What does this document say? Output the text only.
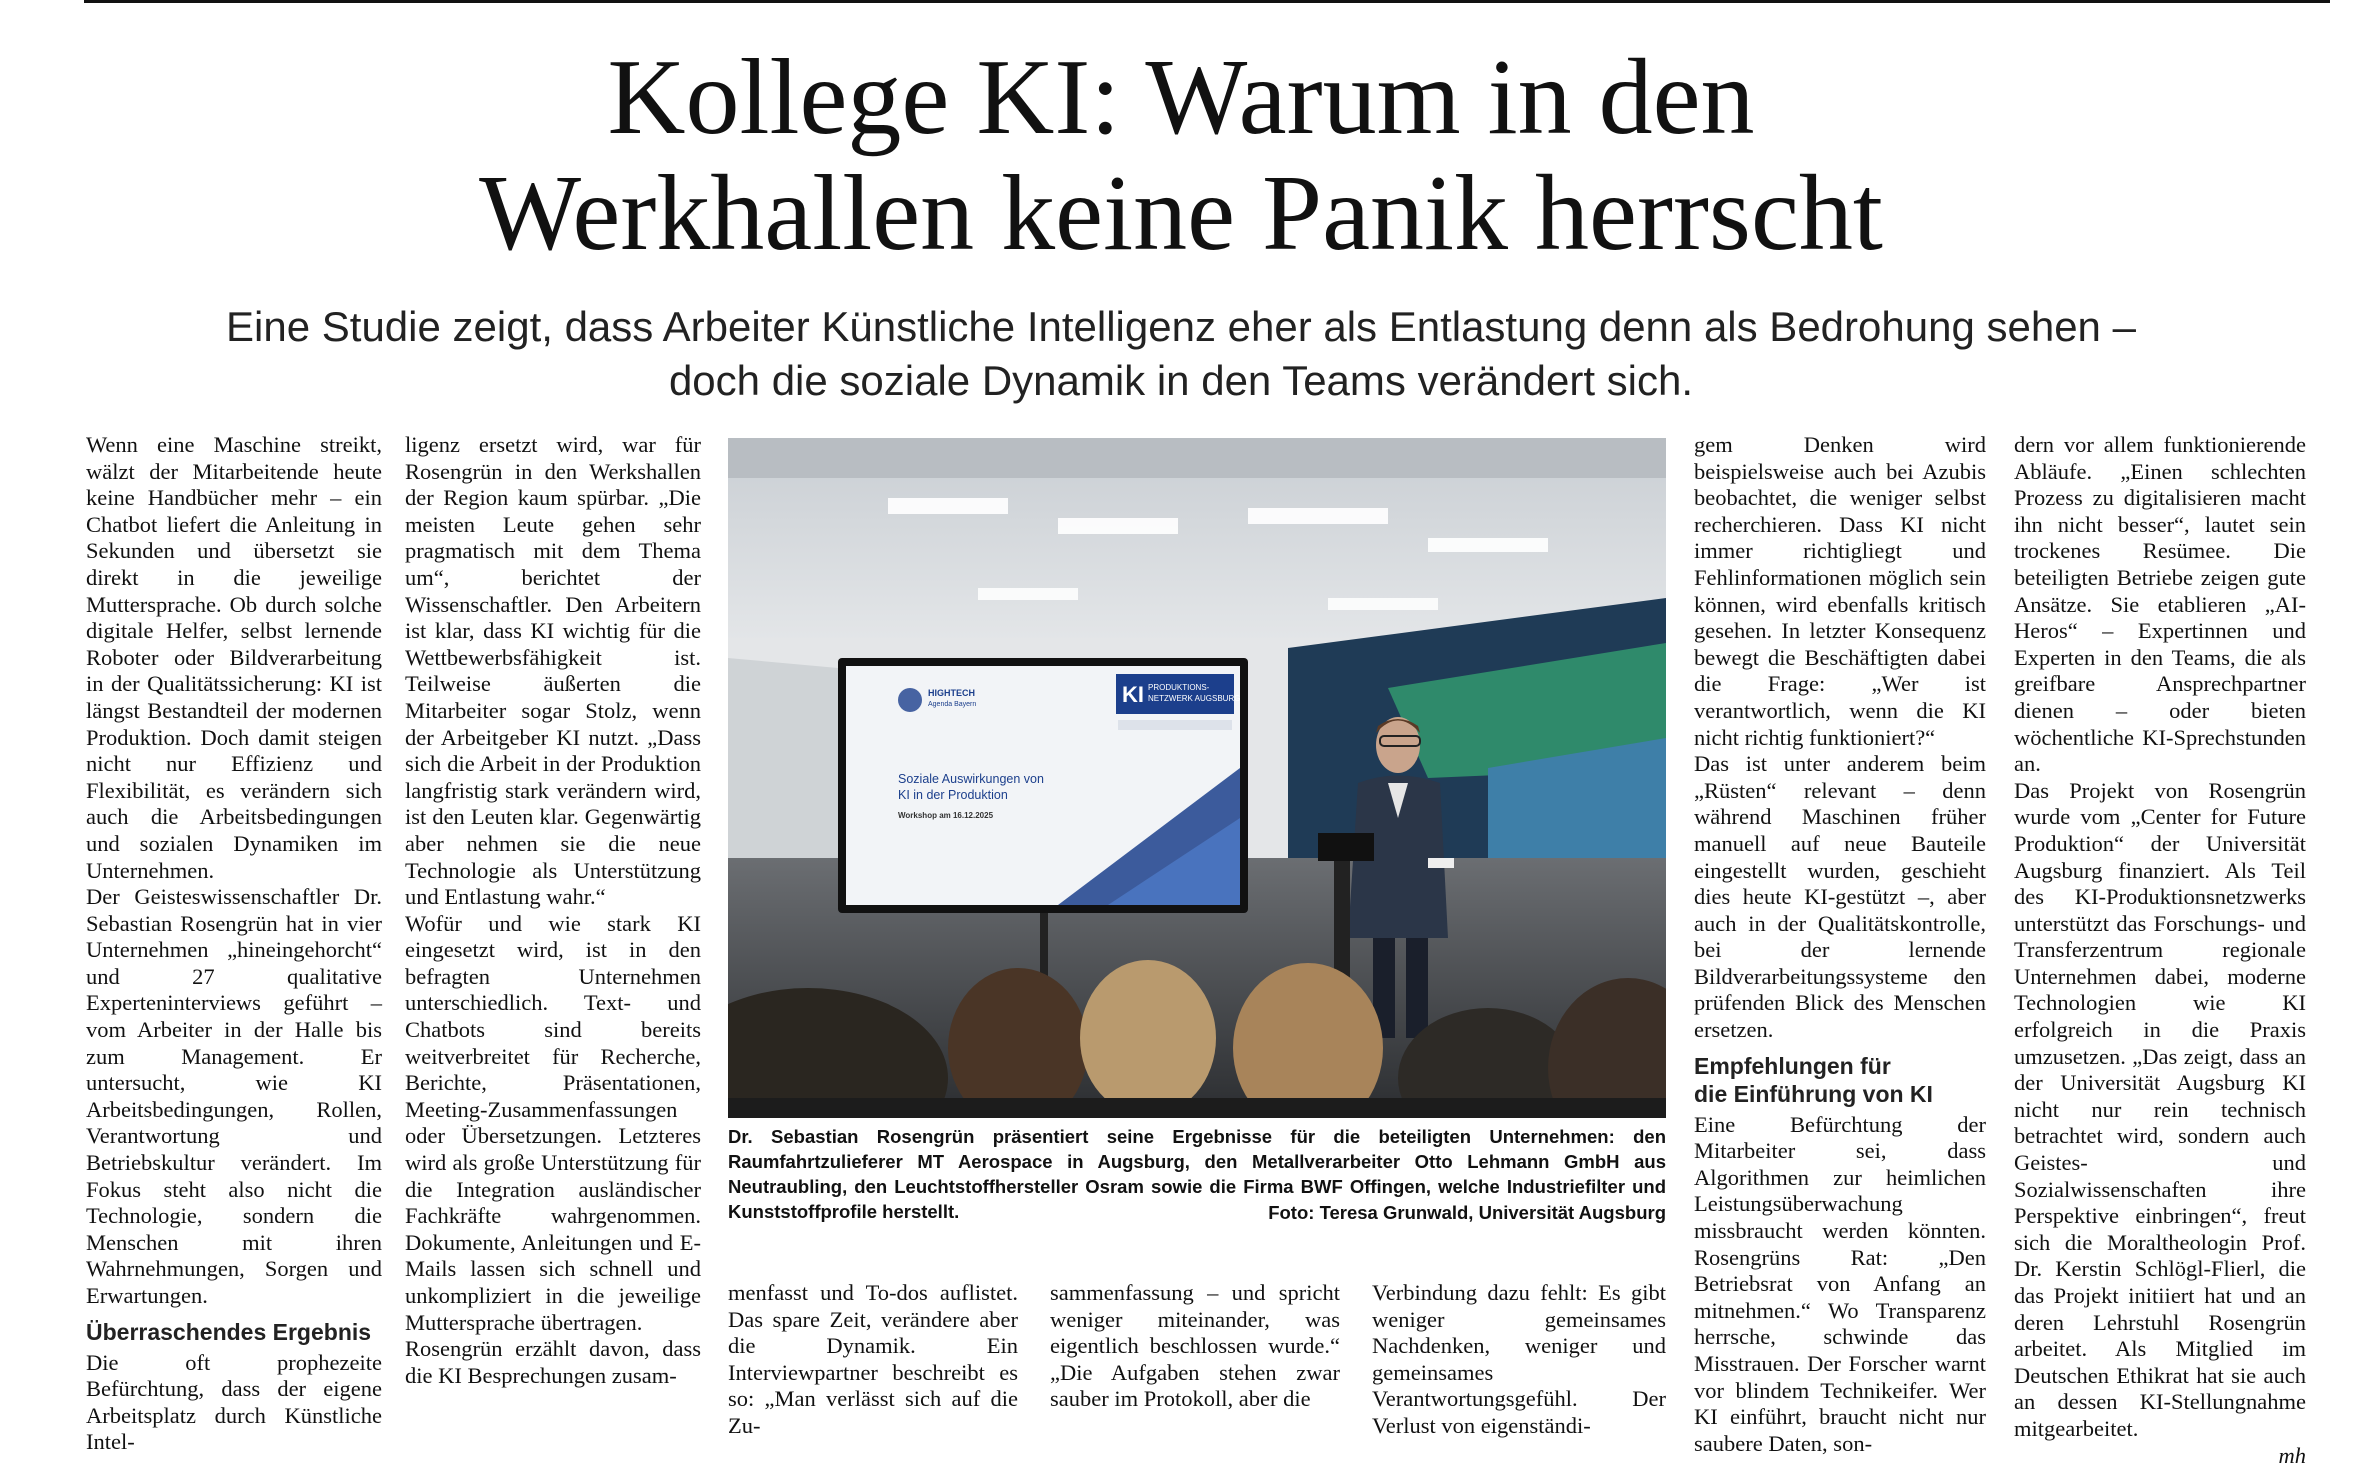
Kollege KI: Warum in den
Werkhallen keine Panik herrscht
Eine Studie zeigt, dass Arbeiter Künstliche Intelligenz eher als Entlastung denn als Bedrohung sehen –
doch die soziale Dynamik in den Teams verändert sich.

Wenn eine Maschine streikt, wälzt der Mitarbeitende heute keine Handbücher mehr – ein Chatbot liefert die Anleitung in Sekunden und übersetzt sie direkt in die jeweilige Muttersprache. Ob durch solche digitale Helfer, selbst lernende Roboter oder Bildverarbeitung in der Qualitätssicherung: KI ist längst Bestandteil der modernen Produktion. Doch damit steigen nicht nur Effizienz und Flexibilität, es verändern sich auch die Arbeitsbedingungen und sozialen Dynamiken im Unternehmen.

Der Geisteswissenschaftler Dr. Sebastian Rosengrün hat in vier Unternehmen „hineingehorcht“ und 27 qualitative Experteninterviews geführt – vom Arbeiter in der Halle bis zum Management. Er untersucht, wie KI Arbeitsbedingungen, Rollen, Verantwortung und Betriebskultur verändert. Im Fokus steht also nicht die Technologie, sondern die Menschen mit ihren Wahrnehmungen, Sorgen und Erwartungen.

Überraschendes Ergebnis

Die oft prophezeite Befürchtung, dass der eigene Arbeitsplatz durch Künstliche Intel-

ligenz ersetzt wird, war für Rosengrün in den Werkshallen der Region kaum spürbar. „Die meisten Leute gehen sehr pragmatisch mit dem Thema um“, berichtet der Wissenschaftler. Den Arbeitern ist klar, dass KI wichtig für die Wettbewerbsfähigkeit ist. Teilweise äußerten die Mitarbeiter sogar Stolz, wenn der Arbeitgeber KI nutzt. „Dass sich die Arbeit in der Produktion langfristig stark verändern wird, ist den Leuten klar. Gegenwärtig aber nehmen sie die neue Technologie als Unterstützung und Entlastung wahr.“

Wofür und wie stark KI eingesetzt wird, ist in den befragten Unternehmen unterschiedlich. Text- und Chatbots sind bereits weitverbreitet für Recherche, Berichte, Präsentationen, Meeting-Zusammenfassungen oder Übersetzungen. Letzteres wird als große Unterstützung für die Integration ausländischer Fachkräfte wahrgenommen. Dokumente, Anleitungen und E-Mails lassen sich schnell und unkompliziert in die jeweilige Muttersprache übertragen.

Rosengrün erzählt davon, dass die KI Besprechungen zusam-

HIGHTECH
Agenda Bayern	KI PRODUKTIONS-
NETZWERK AUGSBURG
Soziale Auswirkungen von
KI in der Produktion
Workshop am 16.12.2025

Dr. Sebastian Rosengrün präsentiert seine Ergebnisse für die beteiligten Unternehmen: den Raumfahrtzulieferer MT Aerospace in Augsburg, den Metallverarbeiter Otto Lehmann GmbH aus Neutraubling, den Leuchtstoffhersteller Osram sowie die Firma BWF Offingen, welche Industriefilter und Kunststoffprofile herstellt.	Foto: Teresa Grunwald, Universität Augsburg

menfasst und To-dos auflistet. Das spare Zeit, verändere aber die Dynamik. Ein Interviewpartner beschreibt es so: „Man verlässt sich auf die Zu-

sammenfassung – und spricht weniger miteinander, was eigentlich beschlossen wurde.“ „Die Aufgaben stehen zwar sauber im Protokoll, aber die

Verbindung dazu fehlt: Es gibt weniger gemeinsames Nachdenken, weniger und gemeinsames Verantwortungsgefühl. Der Verlust von eigenständi-

gem Denken wird beispielsweise auch bei Azubis beobachtet, die weniger selbst recherchieren. Dass KI nicht immer richtigliegt und Fehlinformationen möglich sein können, wird ebenfalls kritisch gesehen. In letzter Konsequenz bewegt die Beschäftigten dabei die Frage: „Wer ist verantwortlich, wenn die KI nicht richtig funktioniert?“

Das ist unter anderem beim „Rüsten“ relevant – denn während Maschinen früher manuell auf neue Bauteile eingestellt wurden, geschieht dies heute KI-gestützt –, aber auch in der Qualitätskontrolle, bei der lernende Bildverarbeitungssysteme den prüfenden Blick des Menschen ersetzen.

Empfehlungen für
die Einführung von KI

Eine Befürchtung der Mitarbeiter sei, dass Algorithmen zur heimlichen Leistungsüberwachung missbraucht werden könnten. Rosengrüns Rat: „Den Betriebsrat von Anfang an mitnehmen.“ Wo Transparenz herrsche, schwinde das Misstrauen. Der Forscher warnt vor blindem Technikeifer. Wer KI einführt, braucht nicht nur saubere Daten, son-

dern vor allem funktionierende Abläufe. „Einen schlechten Prozess zu digitalisieren macht ihn nicht besser“, lautet sein trockenes Resümee. Die beteiligten Betriebe zeigen gute Ansätze. Sie etablieren „AI-Heros“ – Expertinnen und Experten in den Teams, die als greifbare Ansprechpartner dienen – oder bieten wöchentliche KI-Sprechstunden an.

Das Projekt von Rosengrün wurde vom „Center for Future Produktion“ der Universität Augsburg finanziert. Als Teil des KI-Produktionsnetzwerks unterstützt das Forschungs- und Transferzentrum regionale Unternehmen dabei, moderne Technologien wie KI erfolgreich in die Praxis umzusetzen. „Das zeigt, dass an der Universität Augsburg KI nicht nur rein technisch betrachtet wird, sondern auch Geistes- und Sozialwissenschaften ihre Perspektive einbringen“, freut sich die Moraltheologin Prof. Dr. Kerstin Schlögl-Flierl, die das Projekt initiiert hat und an deren Lehrstuhl Rosengrün arbeitet. Als Mitglied im Deutschen Ethikrat hat sie auch an dessen KI-Stellungnahme mitgearbeitet.

mh
